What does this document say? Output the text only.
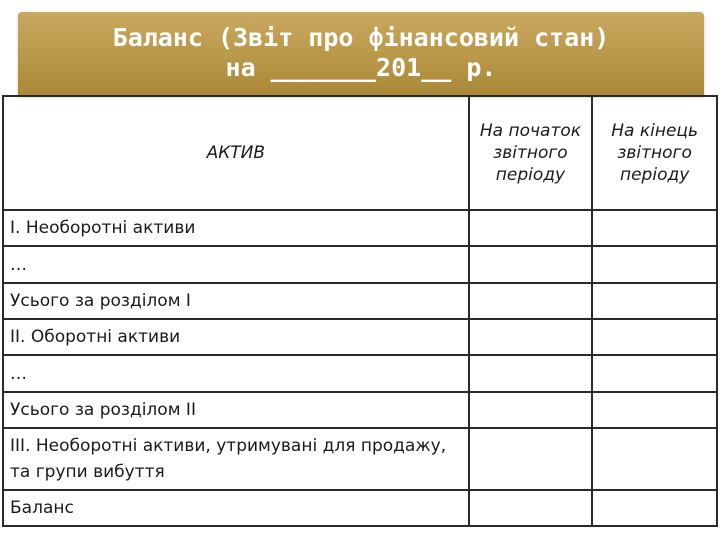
Баланс (Звіт про фінансовий стан)
на _______201__ р.
АКТИВ	На початок звітного періоду	На кінець звітного періоду
І. Необоротні активи		
…		
Усього за розділом І		
ІІ. Оборотні активи		
…		
Усього за розділом ІІ		
ІІІ. Необоротні активи, утримувані для продажу, та групи вибуття		
Баланс		
